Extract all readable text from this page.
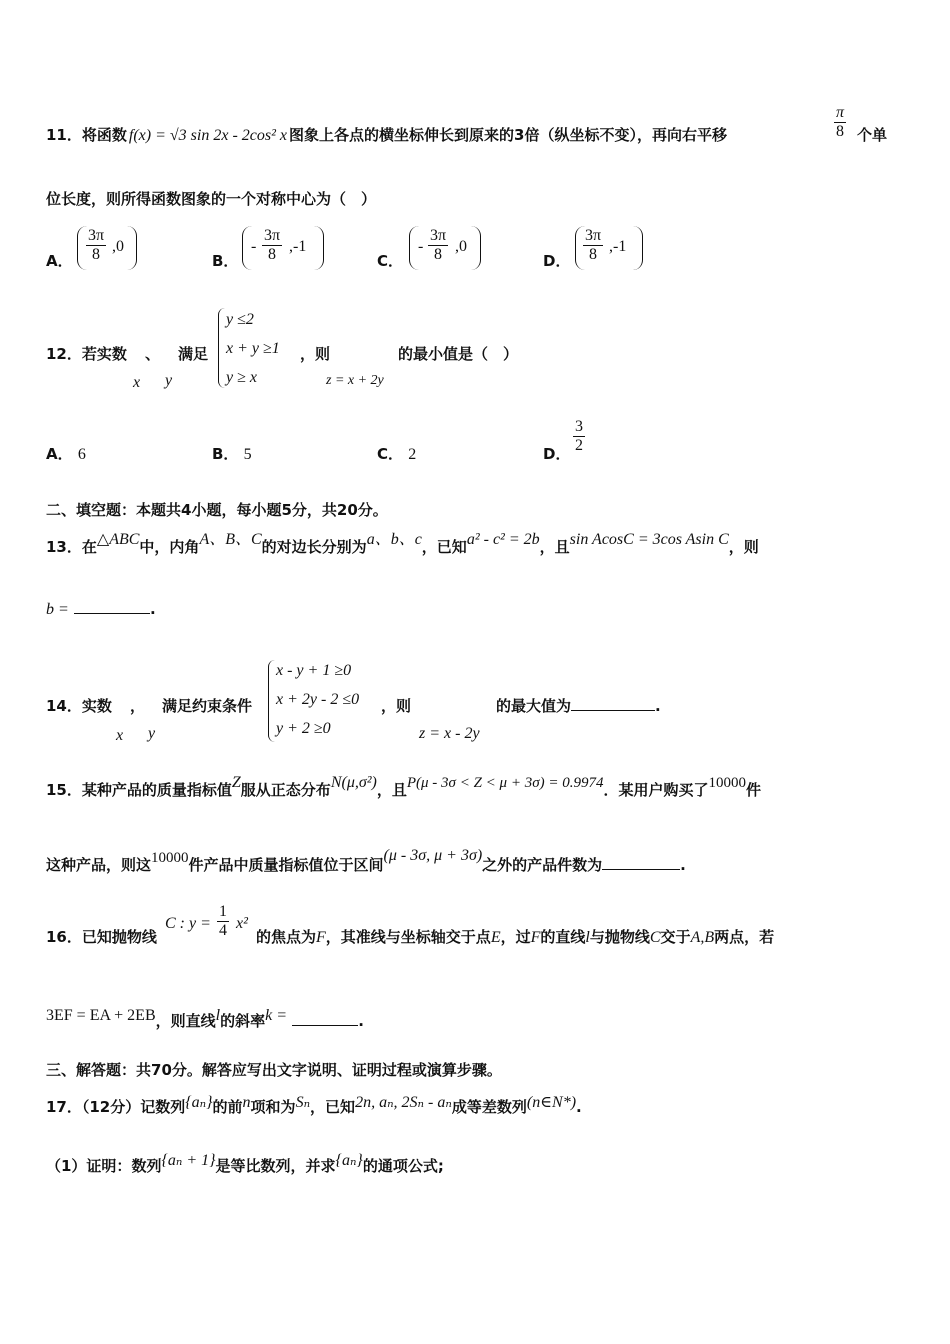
11．将函数 f(x) = √3 sin 2x - 2cos² x 图象上各点的横坐标伸长到原来的3倍（纵坐标不变），再向右平移	$\frac{\pi}{8}$ 个单
位长度，则所得函数图象的一个对称中心为（　）
A． $\frac{3\pi}{8} ,0$
B．
- $\frac{3\pi}{8} ,-1$
C．
- $\frac{3\pi}{8} ,0$
D． $\frac{3\pi}{8} ,-1$
12．若实数 、 满足
x y
y ≤2
x + y ≥1
y ≥ x
，则
z = x + 2y
的最小值是（　）
A． 6	B． 5	C． 2	D． $\frac{3}{2}$
二、填空题：本题共4小题，每小题5分，共20分。
13．在△ABC中，内角A、B、C的对边长分别为a、b、c，已知a² - c² = 2b，且sin AcosC = 3cos Asin C，则
b =	.
14．实数 ， 满足约束条件
x y
x - y + 1 ≥0
x + 2y - 2 ≤0
y + 2 ≥0
，则
z = x - 2y
的最大值为	.
15．某种产品的质量指标值Z服从正态分布N(μ,σ²)，且P(μ - 3σ < Z < μ + 3σ) = 0.9974．某用户购买了10000件
这种产品，则这10000件产品中质量指标值位于区间(μ - 3σ, μ + 3σ)之外的产品件数为	.
16．已知抛物线
C : $y = \frac{1}{4} x^2$
的焦点为F，其准线与坐标轴交于点E，过F的直线l与抛物线C交于A,B两点，若
3EF = EA + 2EB，则直线l的斜率k =	.
三、解答题：共70分。解答应写出文字说明、证明过程或演算步骤。
17．（12分）记数列{aₙ}的前n项和为Sₙ，已知2n, aₙ, 2Sₙ - aₙ成等差数列(n∈N*).
（1）证明：数列{aₙ + 1}是等比数列，并求{aₙ}的通项公式;
